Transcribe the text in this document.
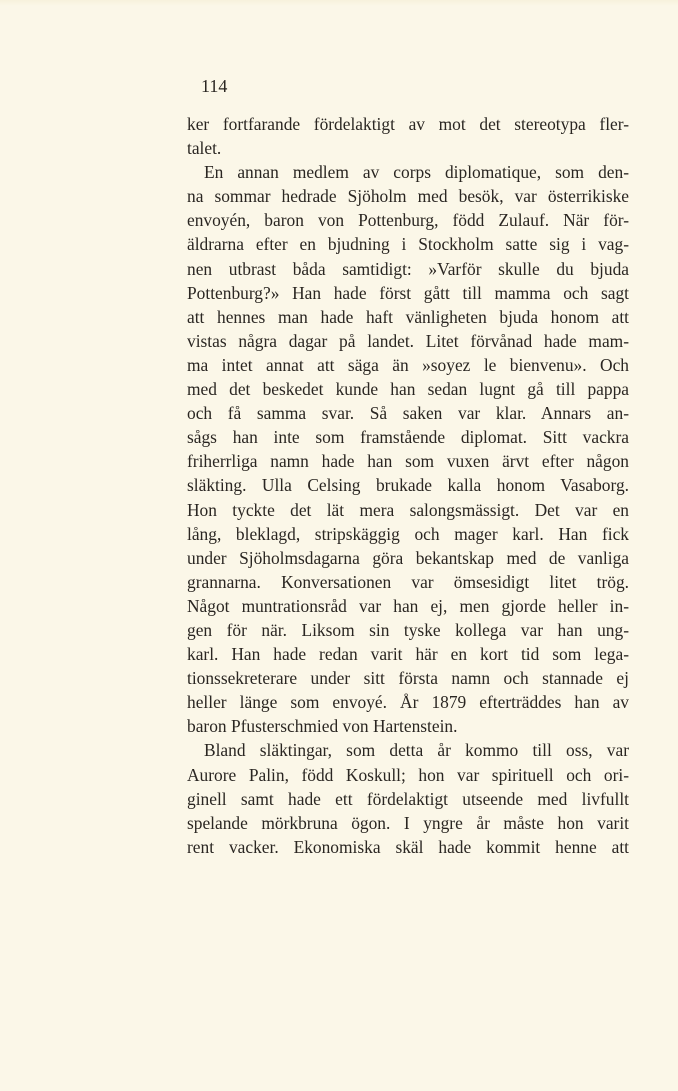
114
ker fortfarande fördelaktigt av mot det stereotypa fler-
talet.
En annan medlem av corps diplomatique, som den-
na sommar hedrade Sjöholm med besök, var österrikiske
envoyén, baron von Pottenburg, född Zulauf. När för-
äldrarna efter en bjudning i Stockholm satte sig i vag-
nen utbrast båda samtidigt: »Varför skulle du bjuda
Pottenburg?» Han hade först gått till mamma och sagt
att hennes man hade haft vänligheten bjuda honom att
vistas några dagar på landet. Litet förvånad hade mam-
ma intet annat att säga än »soyez le bienvenu». Och
med det beskedet kunde han sedan lugnt gå till pappa
och få samma svar. Så saken var klar. Annars an-
sågs han inte som framstående diplomat. Sitt vackra
friherrliga namn hade han som vuxen ärvt efter någon
släkting. Ulla Celsing brukade kalla honom Vasaborg.
Hon tyckte det lät mera salongsmässigt. Det var en
lång, bleklagd, stripskäggig och mager karl. Han fick
under Sjöholmsdagarna göra bekantskap med de vanliga
grannarna. Konversationen var ömsesidigt litet trög.
Något muntrationsråd var han ej, men gjorde heller in-
gen för när. Liksom sin tyske kollega var han ung-
karl. Han hade redan varit här en kort tid som lega-
tionssekreterare under sitt första namn och stannade ej
heller länge som envoyé. År 1879 efterträddes han av
baron Pfusterschmied von Hartenstein.
Bland släktingar, som detta år kommo till oss, var
Aurore Palin, född Koskull; hon var spirituell och ori-
ginell samt hade ett fördelaktigt utseende med livfullt
spelande mörkbruna ögon. I yngre år måste hon varit
rent vacker. Ekonomiska skäl hade kommit henne att
